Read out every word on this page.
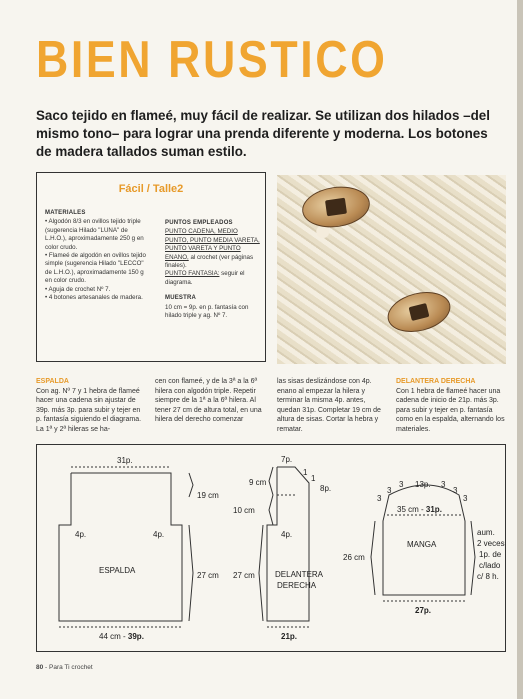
BIEN RUSTICO
Saco tejido en flameé, muy fácil de realizar. Se utilizan dos hilados –del mismo tono– para lograr una prenda diferente y moderna. Los botones de madera tallados suman estilo.
Fácil / Talle2
MATERIALES
• Algodón 8/3 en ovillos tejido triple (sugerencia Hilado "LUNA" de L.H.O.), aproximadamente 250 g en color crudo.
• Flameé de algodón en ovillos tejido simple (sugerencia Hilado "LECCO" de L.H.O.), aproximadamente 150 g en color crudo.
• Aguja de crochet Nº 7.
• 4 botones artesanales de madera.
PUNTOS EMPLEADOS
PUNTO CADENA, MEDIO PUNTO, PUNTO MEDIA VARETA, PUNTO VARETA Y PUNTO ENANO, al crochet (ver páginas finales).
PUNTO FANTASIA: seguir el diagrama.
MUESTRA
10 cm = 9p. en p. fantasía con hilado triple y ag. Nº 7.
ESPALDA
Con ag. Nº 7 y 1 hebra de flameé hacer una cadena sin ajustar de 39p. más 3p. para subir y tejer en p. fantasía siguiendo el diagrama. La 1ª y 2ª hileras se ha-
cen con flameé, y de la 3ª a la 6ª hilera con algodón triple. Repetir siempre de la 1ª a la 6ª hilera. Al tener 27 cm de altura total, en una hilera del derecho comenzar
las sisas deslizándose con 4p. enano al empezar la hilera y terminar la misma 4p. antes, quedan 31p. Completar 19 cm de altura de sisas. Cortar la hebra y rematar.
DELANTERA DERECHA
Con 1 hebra de flameé hacer una cadena de inicio de 21p. más 3p. para subir y tejer en p. fantasía como en la espalda, alternando los materiales.
31p.
ESPALDA
4p.	4p.
44 cm - 39p.
19 cm
27 cm 27 cm
10 cm
9 cm
7p.
1
1
8p.
4p.
DELANTERA
DERECHA
21p.
13p.
3
3
3	3
3
3
35 cm - 31p.
MANGA
26 cm
27p.
aum.
2 veces
1p. de
c/lado
c/ 8 h.
80 - Para Ti crochet
